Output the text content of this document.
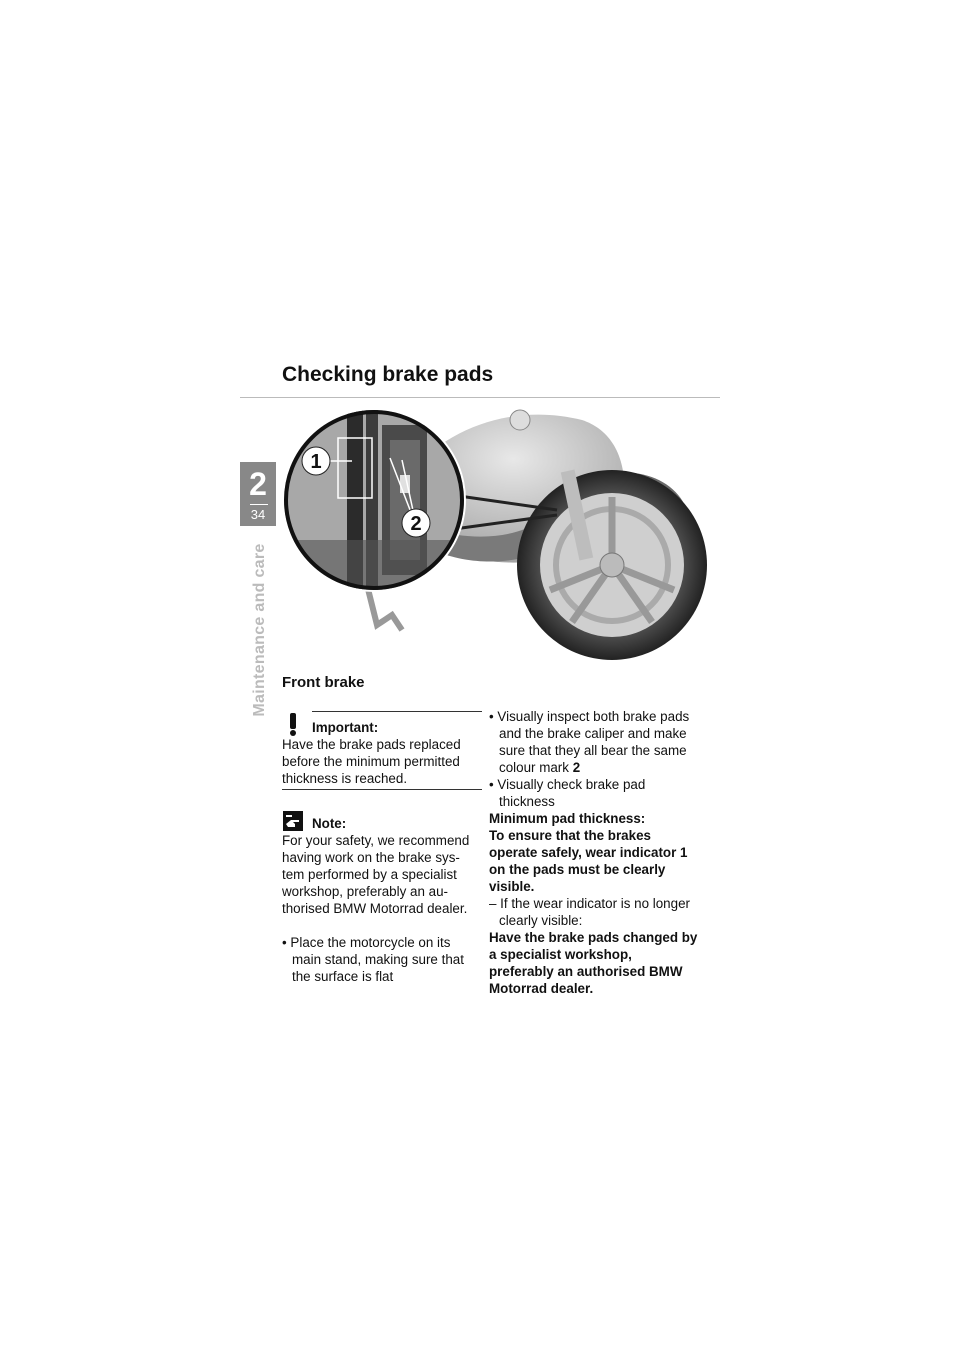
2
34
Maintenance and care
Checking brake pads
1
2
Front brake
Important:

Have the brake pads replaced before the minimum permitted thickness is reached.

Note:

For your safety, we recommend having work on the brake sys-tem performed by a specialist workshop, preferably an au-thorised BMW Motorrad dealer.

• Place the motorcycle on its main stand, making sure that the surface is flat

• Visually inspect both brake pads and the brake caliper and make sure that they all bear the same colour mark 2

• Visually check brake pad thickness

Minimum pad thickness:

To ensure that the brakes operate safely, wear indicator 1 on the pads must be clearly visible.

– If the wear indicator is no longer clearly visible:

Have the brake pads changed by a specialist workshop, preferably an authorised BMW Motorrad dealer.
